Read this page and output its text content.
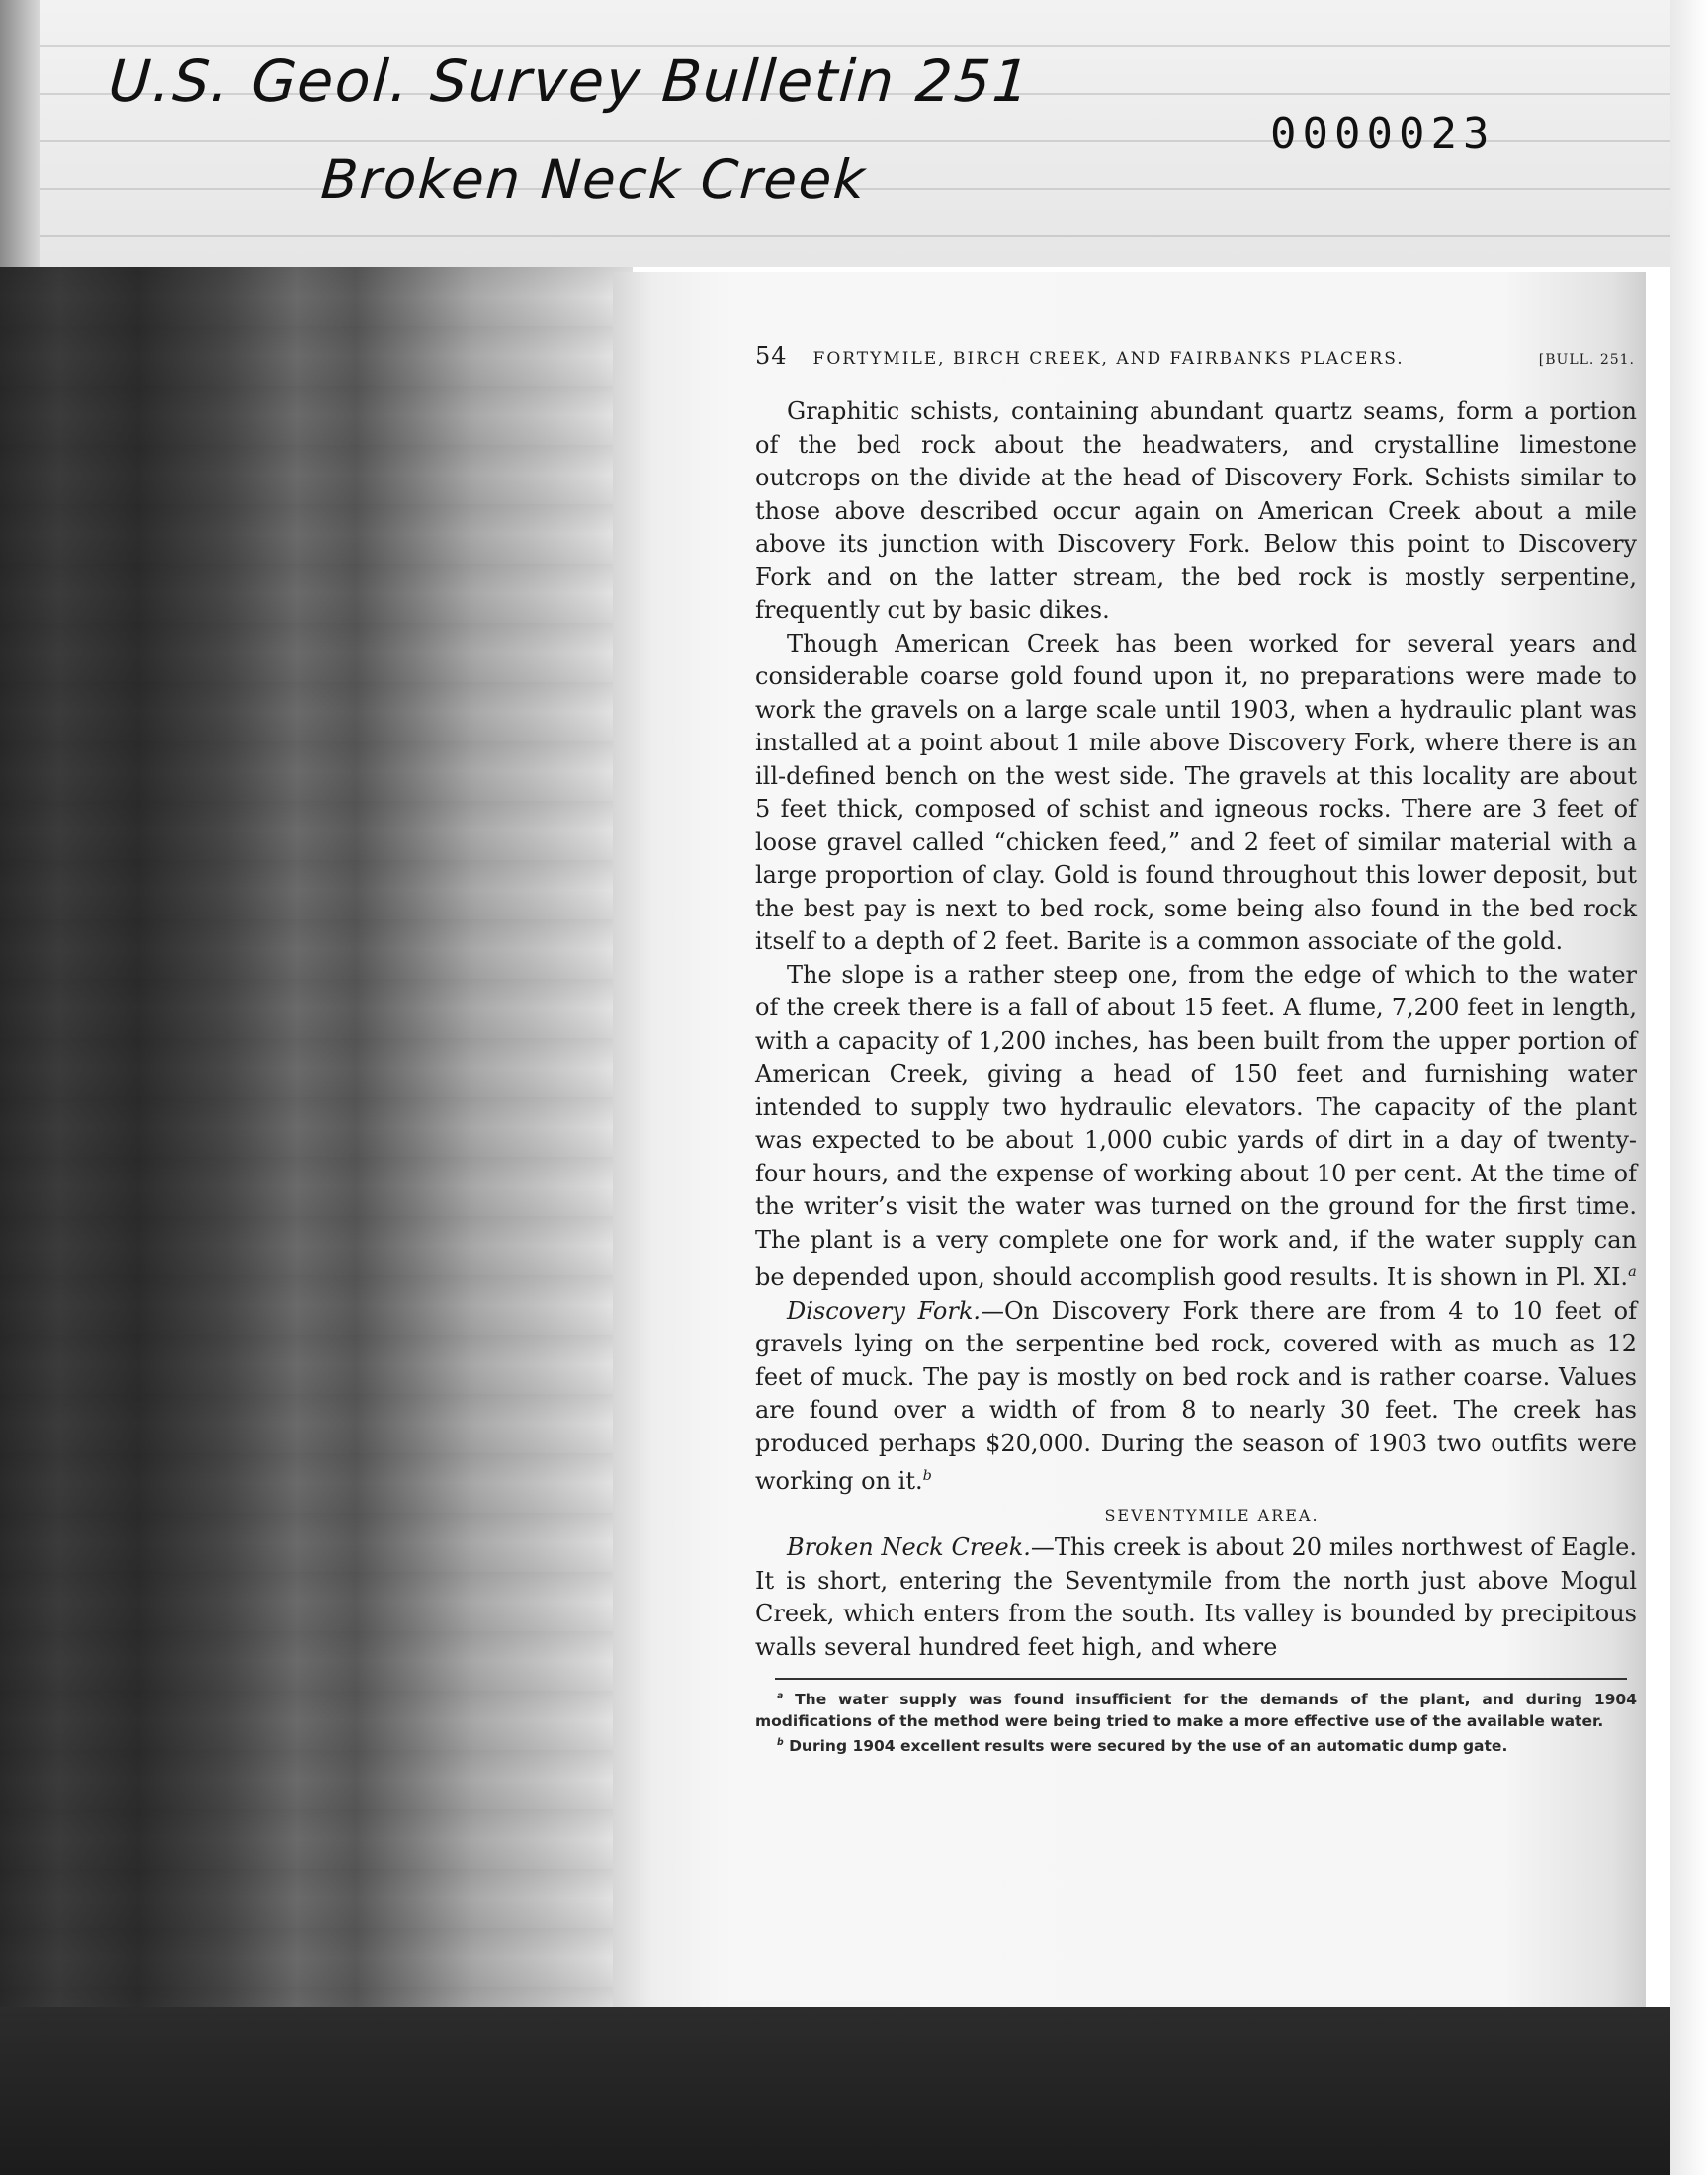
U.S. Geol. Survey Bulletin 251
Broken Neck Creek
0000023
54 FORTYMILE, BIRCH CREEK, AND FAIRBANKS PLACERS.	[BULL. 251.

Graphitic schists, containing abundant quartz seams, form a portion of the bed rock about the headwaters, and crystalline limestone outcrops on the divide at the head of Discovery Fork. Schists similar to those above described occur again on American Creek about a mile above its junction with Discovery Fork. Below this point to Discovery Fork and on the latter stream, the bed rock is mostly serpentine, frequently cut by basic dikes.

Though American Creek has been worked for several years and considerable coarse gold found upon it, no preparations were made to work the gravels on a large scale until 1903, when a hydraulic plant was installed at a point about 1 mile above Discovery Fork, where there is an ill-defined bench on the west side. The gravels at this locality are about 5 feet thick, composed of schist and igneous rocks. There are 3 feet of loose gravel called “chicken feed,” and 2 feet of similar material with a large proportion of clay. Gold is found throughout this lower deposit, but the best pay is next to bed rock, some being also found in the bed rock itself to a depth of 2 feet. Barite is a common associate of the gold.

The slope is a rather steep one, from the edge of which to the water of the creek there is a fall of about 15 feet. A flume, 7,200 feet in length, with a capacity of 1,200 inches, has been built from the upper portion of American Creek, giving a head of 150 feet and furnishing water intended to supply two hydraulic elevators. The capacity of the plant was expected to be about 1,000 cubic yards of dirt in a day of twenty-four hours, and the expense of working about 10 per cent. At the time of the writer’s visit the water was turned on the ground for the first time. The plant is a very complete one for work and, if the water supply can be depended upon, should accomplish good results. It is shown in Pl. XI.$^a$

Discovery Fork.—On Discovery Fork there are from 4 to 10 feet of gravels lying on the serpentine bed rock, covered with as much as 12 feet of muck. The pay is mostly on bed rock and is rather coarse. Values are found over a width of from 8 to nearly 30 feet. The creek has produced perhaps $20,000. During the season of 1903 two outfits were working on it.$^b$

SEVENTYMILE AREA.

Broken Neck Creek.—This creek is about 20 miles northwest of Eagle. It is short, entering the Seventymile from the north just above Mogul Creek, which enters from the south. Its valley is bounded by precipitous walls several hundred feet high, and where

$^a$ The water supply was found insufficient for the demands of the plant, and during 1904 modifications of the method were being tried to make a more effective use of the available water.

$^b$ During 1904 excellent results were secured by the use of an automatic dump gate.
